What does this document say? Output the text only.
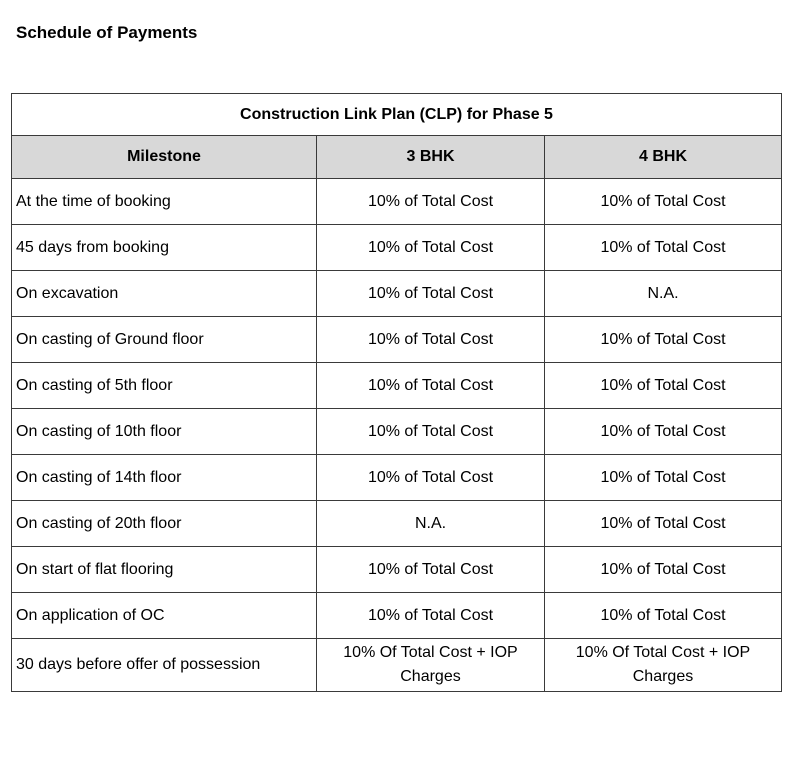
Schedule of Payments
Construction Link Plan (CLP) for Phase 5		
Milestone	3 BHK	4 BHK
At the time of booking	10% of Total Cost	10% of Total Cost
45 days from booking	10% of Total Cost	10% of Total Cost
On excavation	10% of Total Cost	N.A.
On casting of Ground floor	10% of Total Cost	10% of Total Cost
On casting of 5th floor	10% of Total Cost	10% of Total Cost
On casting of 10th floor	10% of Total Cost	10% of Total Cost
On casting of 14th floor	10% of Total Cost	10% of Total Cost
On casting of 20th floor	N.A.	10% of Total Cost
On start of flat flooring	10% of Total Cost	10% of Total Cost
On application of OC	10% of Total Cost	10% of Total Cost
30 days before offer of possession	10% Of Total Cost + IOP Charges	10% Of Total Cost + IOP Charges
